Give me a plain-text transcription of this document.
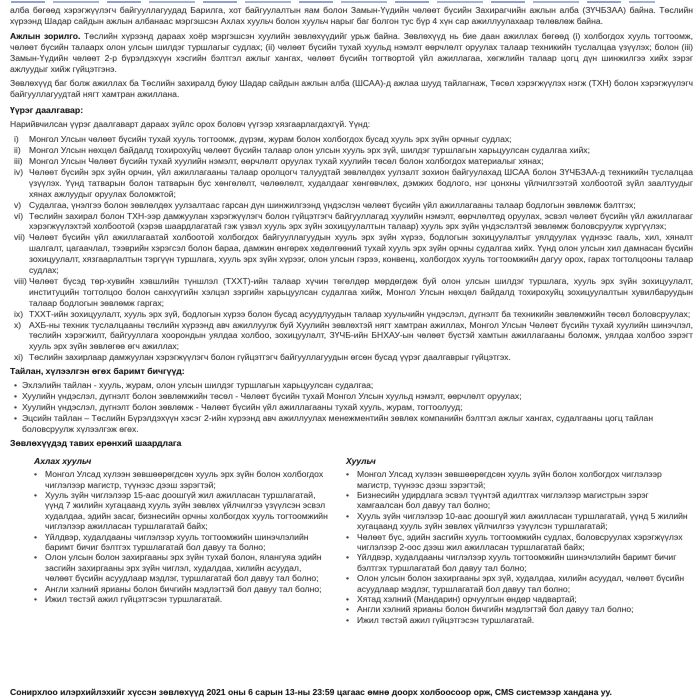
алба бөгөөд хэрэгжүүлэгч байгууллагуудад Барилга, хот байгуулалтын яам болон Замын-Үүдийн чөлөөт бүсийн Захирагчийн ажлын алба (ЗҮЧБЗАА) байна. Төслийн хүрээнд Шадар сайдын ажлын албанаас мэргэшсэн Ахлах хуульч болон хуульч нарыг баг болгон тус бүр 4 хүн сар ажиллуулахаар төлөвлөж байна.

Ажлын зорилго. Төслийн хүрээнд дараах хоёр мэргэшсэн хуулийн зөвлөхүүдийг урьж байна. Зөвлөхүүд нь бие даан ажиллах бөгөөд (i) холбогдох хууль тогтоомж, чөлөөт бүсийн талаарх олон улсын шилдэг туршлагыг судлах; (ii) чөлөөт бүсийн тухай хуульд нэмэлт өөрчлөлт оруулах талаар техникийн туслалцаа үзүүлэх; болон (iii) Замын-Үүдийн чөлөөт 2-р бүрэлдэхүүн хэсгийн бэлтгэл ажлыг хангах, чөлөөт бүсийн тогтвортой үйл ажиллагаа, хөгжлийн талаар цогц дүн шинжилгээ хийх зэрэг ажлуудыг хийж гүйцэтгэнэ.

Зөвлөхүүд баг болж ажиллах ба Төслийн захиралд буюу Шадар сайдын ажлын алба (ШСАА)-д ажлаа шууд тайлагнаж, Төсөл хэрэгжүүлэх нэгж (ТХН) болон хэрэгжүүлэгч байгууллагуудтай нягт хамтран ажиллана.

Үүрэг даалгавар:

Нарийвчилсан үүрэг даалгаварт дараах зүйлс орох боловч үүгээр хязгаарлагдахгүй. Үүнд:

i)	Монгол Улсын чөлөөт бүсийн тухай хууль тогтоомж, дүрэм, журам болон холбогдох бусад хууль эрх зүйн орчныг судлах;
ii) Монгол Улсын нөхцөл байдалд тохирохуйц чөлөөт бүсийн талаар олон улсын хууль эрх зүй, шилдэг туршлагын харьцуулсан судалгаа хийх;
iii) Монгол Улсын Чөлөөт бүсийн тухай хуулийн нэмэлт, өөрчлөлт оруулах тухай хуулийн төсөл болон холбогдох материалыг хянах;
iv) Чөлөөт бүсийн эрх зүйн орчин, үйл ажиллагааны талаар оролцогч талуудтай зөвлөлдөх уулзалт зохион байгуулахад ШСАА болон ЗҮЧБЗАА-д техникийн туслалцаа үзүүлэх. Үүнд татварын болон татварын бус хөнгөлөлт, чөлөөлөлт, худалдааг хөнгөвчлөх, дэмжих бодлого, нэг цонхны үйлчилгээтэй холбоотой зүйл заалтуудыг хянах ажлуудыг оруулах боломжтой;
v) Судалгаа, үнэлгээ болон зөвлөлдөх уулзалтаас гарсан дүн шинжилгээнд үндэслэн чөлөөт бүсийн үйл ажиллагааны талаар бодлогын зөвлөмж бэлтгэх;
vi) Төслийн захирал болон ТХН-ээр дамжуулан хэрэгжүүлэгч болон гүйцэтгэгч байгууллагад хуулийн нэмэлт, өөрчлөлтөд оруулах, эсвэл чөлөөт бүсийн үйл ажиллагааг хэрэгжүүлэхтэй холбоотой (хэрэв шаардлагатай гэж үзвэл хууль эрх зүйн зохицуулалтын талаар) хууль эрх зүйн үндэслэлтэй зөвлөмж боловсруулж хүргүүлэх;
vii) Чөлөөт бүсийн үйл ажиллагаатай холбоотой холбогдох байгууллагуудын хууль эрх зүйн хүрээ, бодлогын зохицуулалтыг уялдуулах үүднээс гааль, хил, хяналт шалгалт, цагаачлал, тээврийн хэрэгсэл болон бараа, дамжин өнгөрөх хөдөлгөөний тухай хууль эрх зүйн орчны судалгаа хийх. Үүнд олон улсын хил дамнасан бүсийн зохицуулалт, хязгаарлалтын тэргүүн туршлага, хууль эрх зүйн хүрээг, олон улсын гэрээ, конвенц, холбогдох хууль тогтоомжийн дагуу орох, гарах тогтолцооны талаар судлах;
viii) Чөлөөт бүсэд төр-хувийн хэвшлийн түншлэл (ТХХТ)-ийн талаар хүчин төгөлдөр мөрдөгдөж буй олон улсын шилдэг туршлага, хууль эрх зүйн зохицуулалт, институцийн тогтолцоо болон санхүүгийн хэлцэл зэргийн харьцуулсан судалгаа хийж, Монгол Улсын нөхцөл байдалд тохирохуйц зохицуулалтын хувилбаруудын талаар бодлогын зөвлөмж гаргах;
ix) ТХХТ-ийн зохицуулалт, хууль эрх зүй, бодлогын хүрээ болон бусад асуудлуудын талаар хуульчийн үндэслэл, дүгнэлт ба техникийн зөвлөмжийн төсөл боловсруулах;
x) АХБ-ны техник туслалцааны төслийн хүрээнд авч ажиллуулж буй Хуулийн зөвлөхтэй нягт хамтран ажиллах, Монгол Улсын Чөлөөт бүсийн тухай хуулийн шинэчлэл, төслийн хэрэгжилт, байгууллага хоорондын уялдаа холбоо, зохицуулалт, ЗҮЧБ-ийн БНХАУ-ын чөлөөт бүстэй хамтын ажиллагааны боломж, уялдаа холбоо зэрэгт хууль эрх зүйн зөвлөгөө өгч ажиллах;
xi) Төслийн захирлаар дамжуулан хэрэгжүүлэгч болон гүйцэтгэгч байгууллагуудын өгсөн бусад үүрэг даалгаврыг гүйцэтгэх.
Тайлан, хүлээлгэн өгөх баримт бичгүүд:
• Эхлэлийн тайлан - хууль, журам, олон улсын шилдэг туршлагын харьцуулсан судалгаа;
• Хуулийн үндэслэл, дүгнэлт болон зөвлөмжийн төсөл - Чөлөөт бүсийн тухай Монгол Улсын хуульд нэмэлт, өөрчлөлт оруулах;
• Хуулийн үндэслэл, дүгнэлт болон зөвлөмж - Чөлөөт бүсийн үйл ажиллагааны тухай хууль, журам, тогтоолууд;
• Эцсийн тайлан – Төслийн Бүрэлдэхүүн хэсэг 2-ийн хүрээнд авч ажиллуулах менежментийн зөвлөх компанийн бэлтгэл ажлыг хангах, судалгааны цогц тайлан боловсруулж хүлээлгэж өгөх.
Зөвлөхүүдэд тавих ерөнхий шаардлага
Ахлах хуульч
• Монгол Улсад хүлээн зөвшөөрөгдсөн хууль эрх зүйн болон холбогдох чиглэлээр магистр, түүнээс дээш зэрэгтэй;
• Хууль зүйн чиглэлээр 15-аас доошгүй жил ажилласан туршлагатай, үүнд 7 жилийн хугацаанд хууль зүйн зөвлөх үйлчилгээ үзүүлсэн эсвэл худалдаа, эдийн засаг, бизнесийн орчны холбогдох хууль тогтоомжийн чиглэлээр ажилласан туршлагатай байх;
• Үйлдвэр, худалдааны чиглэлээр хууль тогтоомжийн шинэчлэлийн баримт бичиг бэлтгэх туршлагатай бол давуу та болно;
• Олон улсын болон захиргааны эрх зүйн тухай болон, ялангуяа эдийн засгийн захиргааны эрх зүйн чиглэл, худалдаа, хилийн асуудал, чөлөөт бүсийн асуудлаар мэдлэг, туршлагатай бол давуу тал болно;
• Англи хэлний ярианы болон бичгийн мэдлэгтэй бол давуу тал болно;
• Ижил төстэй ажил гүйцэтгэсэн туршлагатай.
Хуульч
• Монгол Улсад хүлээн зөвшөөрөгдсөн хууль зүйн болон холбогдох чиглэлээр магистр, түүнээс дээш зэрэгтэй;
• Бизнесийн удирдлага эсвэл түүнтэй адилтгах чиглэлээр магистрын зэрэг хамгаалсан бол давуу тал болно;
• Хууль зүйн чиглэлээр 10-аас доошгүй жил ажилласан туршлагатай, үүнд 5 жилийн хугацаанд хууль зүйн зөвлөх үйлчилгээ үзүүлсэн туршлагатай;
• Чөлөөт бүс, эдийн засгийн хууль тогтоомжийн судлах, боловсруулах хэрэгжүүлэх чиглэлээр 2-оос дээш жил ажилласан туршлагатай байх;
• Үйлдвэр, худалдааны чиглэлээр хууль тогтоомжийн шинэчлэлийн баримт бичиг бэлтгэх туршлагатай бол давуу тал болно;
• Олон улсын болон захиргааны эрх зүй, худалдаа, хилийн асуудал, чөлөөт бүсийн асуудлаар мэдлэг, туршлагатай бол давуу тал болно;
• Хятад хэлний (Мандарин) орчуулгын өндөр чадвартай;
• Англи хэлний ярианы болон бичгийн мэдлэгтэй бол давуу тал болно;
• Ижил төстэй ажил гүйцэтгэсэн туршлагатай.

Сонирхлоо илэрхийлэхийг хүссэн зөвлөхүүд 2021 оны 6 сарын 13-ны 23:59 цагаас өмнө доорх холбоосоор орж, CMS системээр хандана уу.
